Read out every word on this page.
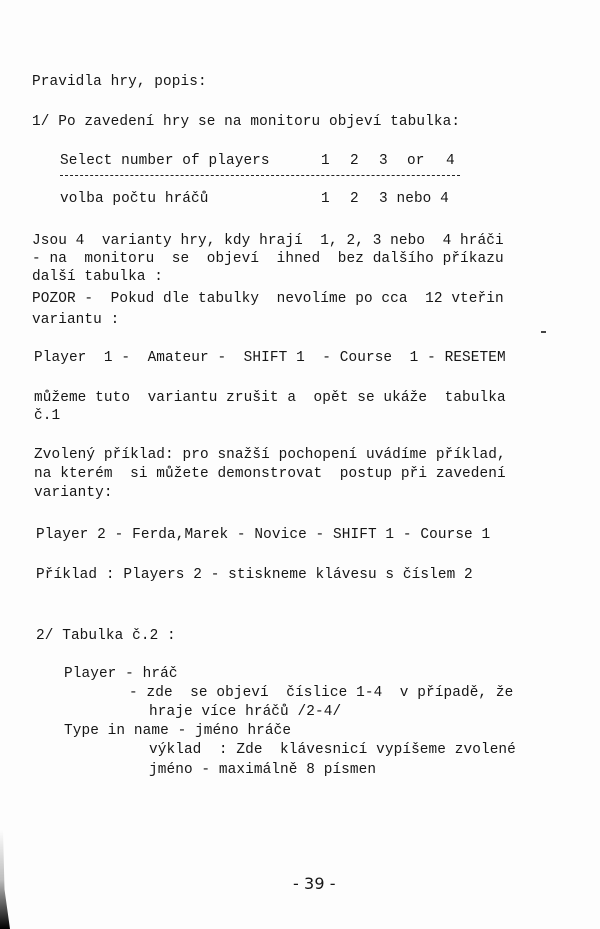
Pravidla hry, popis:
1/ Po zavedení hry se na monitoru objeví tabulka:
Select number of players	1 2 3 or 4
volba počtu hráčů	1 2 3 nebo 4
Jsou 4  varianty hry, kdy hrají  1, 2, 3 nebo  4 hráči
- na  monitoru  se  objeví  ihned  bez dalšího příkazu
další tabulka :
POZOR -  Pokud dle tabulky  nevolíme po cca  12 vteřin
variantu :
Player  1 -  Amateur -  SHIFT 1  - Course  1 - RESETEM
můžeme tuto  variantu zrušit a  opět se ukáže  tabulka
č.1
Zvolený příklad: pro snažší pochopení uvádíme příklad,
na kterém  si můžete demonstrovat  postup při zavedení
varianty:
Player 2 - Ferda,Marek - Novice - SHIFT 1 - Course 1
Příklad : Players 2 - stiskneme klávesu s číslem 2
2/ Tabulka č.2 :
Player - hráč
- zde  se objeví  číslice 1-4  v případě, že
hraje více hráčů /2-4/
Type in name - jméno hráče
výklad  : Zde  klávesnicí vypíšeme zvolené
jméno - maximálně 8 písmen
- 39 -
